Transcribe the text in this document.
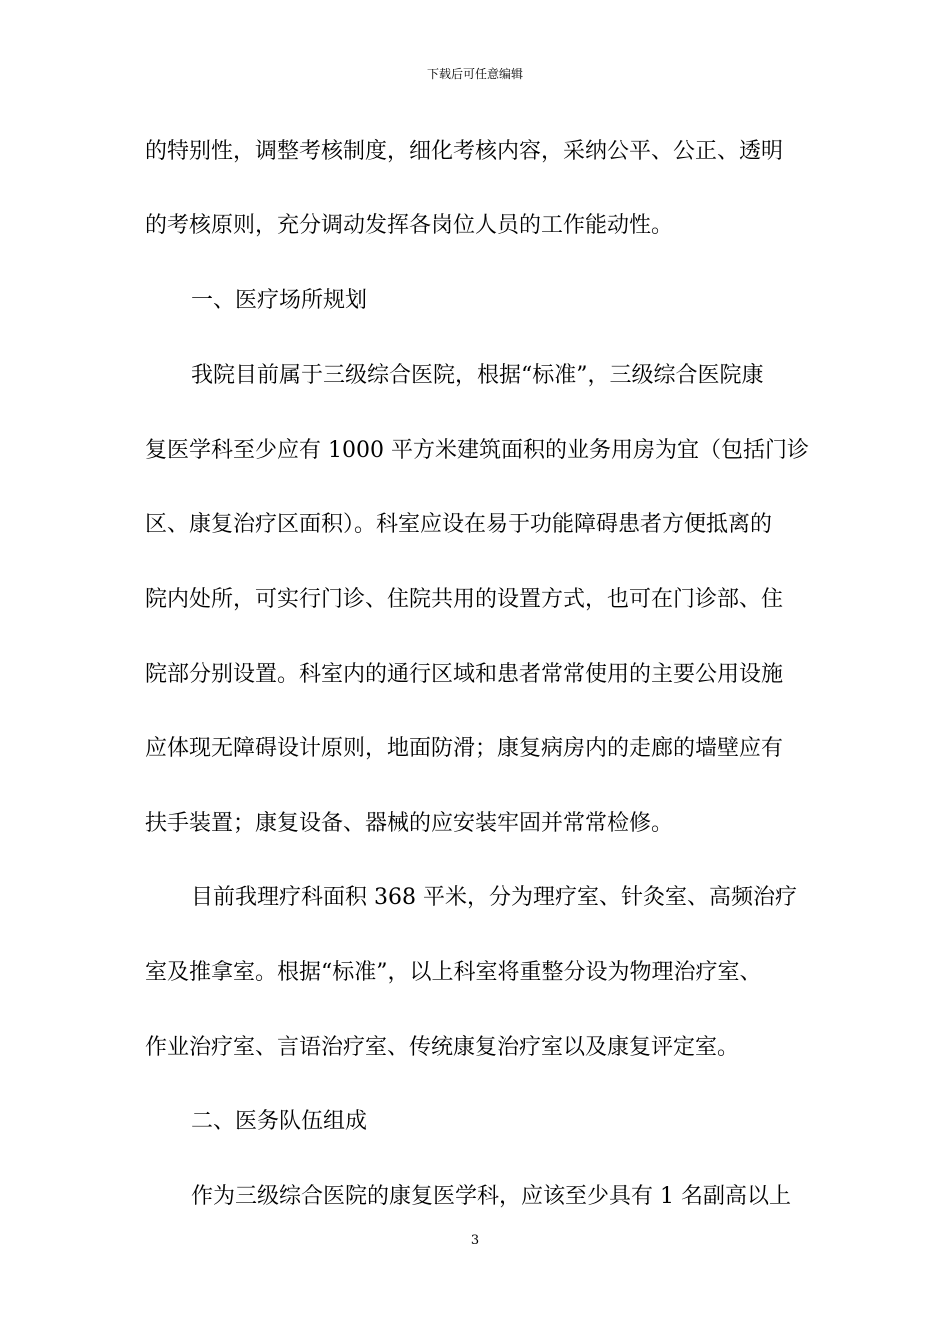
下载后可任意编辑
的特别性，调整考核制度，细化考核内容，采纳公平、公正、透明
的考核原则，充分调动发挥各岗位人员的工作能动性。
一、医疗场所规划
我院目前属于三级综合医院，根据“标准”，三级综合医院康
复医学科至少应有 1000 平方米建筑面积的业务用房为宜（包括门诊
区、康复治疗区面积）。科室应设在易于功能障碍患者方便抵离的
院内处所，可实行门诊、住院共用的设置方式，也可在门诊部、住
院部分别设置。科室内的通行区域和患者常常使用的主要公用设施
应体现无障碍设计原则，地面防滑；康复病房内的走廊的墙壁应有
扶手装置；康复设备、器械的应安装牢固并常常检修。
目前我理疗科面积 368 平米，分为理疗室、针灸室、高频治疗
室及推拿室。根据“标准”，以上科室将重整分设为物理治疗室、
作业治疗室、言语治疗室、传统康复治疗室以及康复评定室。
二、医务队伍组成
作为三级综合医院的康复医学科，应该至少具有 1 名副高以上
3
